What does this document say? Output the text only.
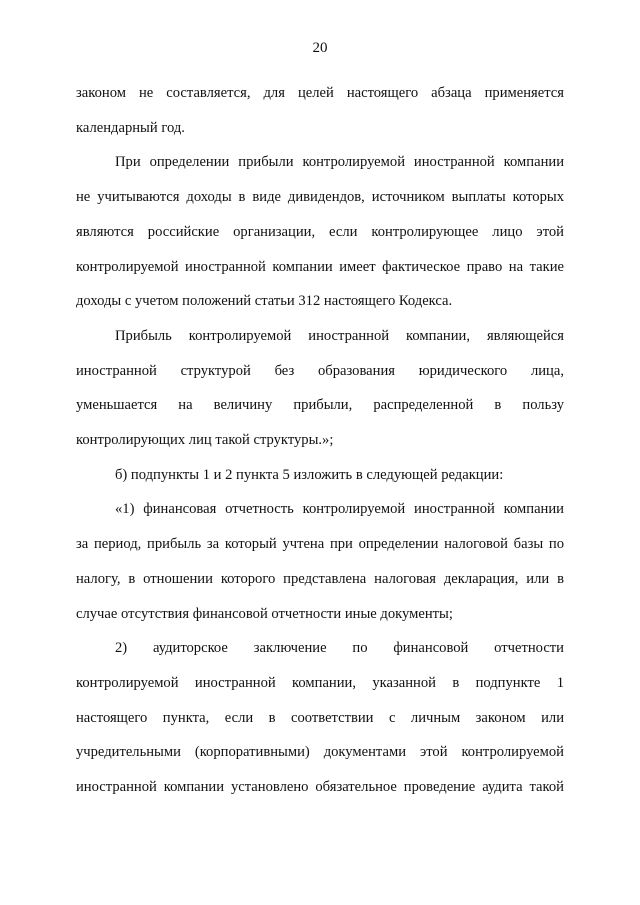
20

законом не составляется, для целей настоящего абзаца применяется
календарный год.

При определении прибыли контролируемой иностранной компании
не учитываются доходы в виде дивидендов, источником выплаты которых
являются российские организации, если контролирующее лицо этой
контролируемой иностранной компании имеет фактическое право на такие
доходы с учетом положений статьи 312 настоящего Кодекса.

Прибыль контролируемой иностранной компании, являющейся
иностранной структурой без образования юридического лица,
уменьшается на величину прибыли, распределенной в пользу
контролирующих лиц такой структуры.»;

б) подпункты 1 и 2 пункта 5 изложить в следующей редакции:

«1) финансовая отчетность контролируемой иностранной компании
за период, прибыль за который учтена при определении налоговой базы по
налогу, в отношении которого представлена налоговая декларация, или в
случае отсутствия финансовой отчетности иные документы;

2) аудиторское заключение по финансовой отчетности
контролируемой иностранной компании, указанной в подпункте 1
настоящего пункта, если в соответствии с личным законом или
учредительными (корпоративными) документами этой контролируемой
иностранной компании установлено обязательное проведение аудита такой
